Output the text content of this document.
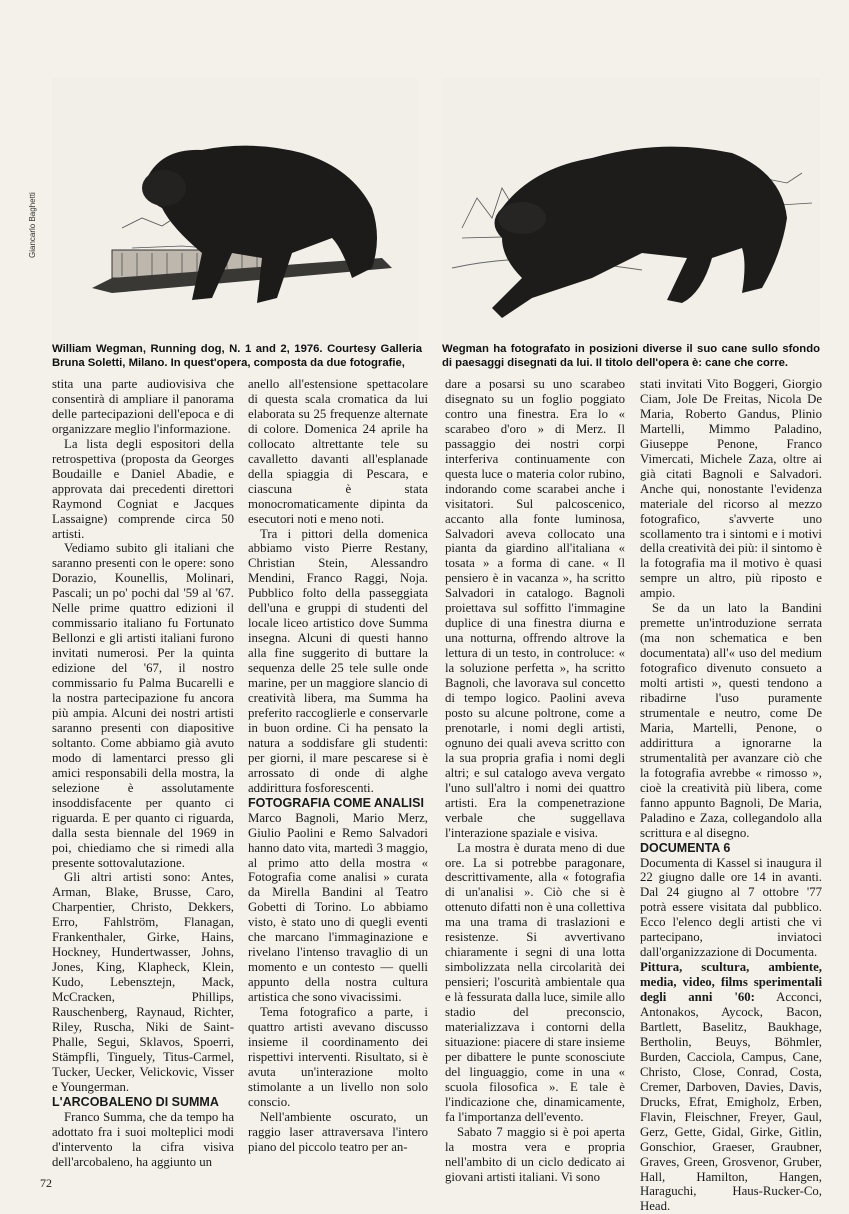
Giancarlo Baghetti
William Wegman, Running dog, N. 1 and 2, 1976. Courtesy Galleria Bruna Soletti, Milano. In quest'opera, composta da due fotografie,
Wegman ha fotografato in posizioni diverse il suo cane sullo sfondo di paesaggi disegnati da lui. Il titolo dell'opera è: cane che corre.

stita una parte audiovisiva che consentirà di ampliare il panorama delle partecipazioni dell'epoca e di organizzare meglio l'informazione.

La lista degli espositori della retrospettiva (proposta da Georges Boudaille e Daniel Abadie, e approvata dai precedenti direttori Raymond Cogniat e Jacques Lassaigne) comprende circa 50 artisti.

Vediamo subito gli italiani che saranno presenti con le opere: sono Dorazio, Kounellis, Molinari, Pascali; un po' pochi dal '59 al '67. Nelle prime quattro edizioni il commissario italiano fu Fortunato Bellonzi e gli artisti italiani furono invitati numerosi. Per la quinta edizione del '67, il nostro commissario fu Palma Bucarelli e la nostra partecipazione fu ancora più ampia. Alcuni dei nostri artisti saranno presenti con diapositive soltanto. Come abbiamo già avuto modo di lamentarci presso gli amici responsabili della mostra, la selezione è assolutamente insoddisfacente per quanto ci riguarda. E per quanto ci riguarda, dalla sesta biennale del 1969 in poi, chiediamo che si rimedi alla presente sottovalutazione.

Gli altri artisti sono: Antes, Arman, Blake, Brusse, Caro, Charpentier, Christo, Dekkers, Erro, Fahlström, Flanagan, Frankenthaler, Girke, Hains, Hockney, Hundertwasser, Johns, Jones, King, Klapheck, Klein, Kudo, Lebensztejn, Mack, McCracken, Phillips, Rauschenberg, Raynaud, Richter, Riley, Ruscha, Niki de Saint-Phalle, Segui, Sklavos, Spoerri, Stämpfli, Tinguely, Titus-Carmel, Tucker, Uecker, Velickovic, Visser e Youngerman.

L'ARCOBALENO DI SUMMA

Franco Summa, che da tempo ha adottato fra i suoi molteplici modi d'intervento la cifra visiva dell'arcobaleno, ha aggiunto un

anello all'estensione spettacolare di questa scala cromatica da lui elaborata su 25 frequenze alternate di colore. Domenica 24 aprile ha collocato altrettante tele su cavalletto davanti all'esplanade della spiaggia di Pescara, e ciascuna è stata monocromaticamente dipinta da esecutori noti e meno noti.

Tra i pittori della domenica abbiamo visto Pierre Restany, Christian Stein, Alessandro Mendini, Franco Raggi, Noja. Pubblico folto della passeggiata dell'una e gruppi di studenti del locale liceo artistico dove Summa insegna. Alcuni di questi hanno alla fine suggerito di buttare la sequenza delle 25 tele sulle onde marine, per un maggiore slancio di creatività libera, ma Summa ha preferito raccoglierle e conservarle in buon ordine. Ci ha pensato la natura a soddisfare gli studenti: per giorni, il mare pescarese si è arrossato di onde di alghe addirittura fosforescenti.

FOTOGRAFIA COME ANALISI

Marco Bagnoli, Mario Merz, Giulio Paolini e Remo Salvadori hanno dato vita, martedì 3 maggio, al primo atto della mostra « Fotografia come analisi » curata da Mirella Bandini al Teatro Gobetti di Torino. Lo abbiamo visto, è stato uno di quegli eventi che marcano l'immaginazione e rivelano l'intenso travaglio di un momento e un contesto — quelli appunto della nostra cultura artistica che sono vivacissimi.

Tema fotografico a parte, i quattro artisti avevano discusso insieme il coordinamento dei rispettivi interventi. Risultato, si è avuta un'interazione molto stimolante a un livello non solo conscio.

Nell'ambiente oscurato, un raggio laser attraversava l'intero piano del piccolo teatro per an-

dare a posarsi su uno scarabeo disegnato su un foglio poggiato contro una finestra. Era lo « scarabeo d'oro » di Merz. Il passaggio dei nostri corpi interferiva continuamente con questa luce o materia color rubino, indorando come scarabei anche i visitatori. Sul palcoscenico, accanto alla fonte luminosa, Salvadori aveva collocato una pianta da giardino all'italiana « tosata » a forma di cane. « Il pensiero è in vacanza », ha scritto Salvadori in catalogo. Bagnoli proiettava sul soffitto l'immagine duplice di una finestra diurna e una notturna, offrendo altrove la lettura di un testo, in controluce: « la soluzione perfetta », ha scritto Bagnoli, che lavorava sul concetto di tempo logico. Paolini aveva posto su alcune poltrone, come a prenotarle, i nomi degli artisti, ognuno dei quali aveva scritto con la sua propria grafia i nomi degli altri; e sul catalogo aveva vergato l'uno sull'altro i nomi dei quattro artisti. Era la compenetrazione verbale che suggellava l'interazione spaziale e visiva.

La mostra è durata meno di due ore. La si potrebbe paragonare, descrittivamente, alla « fotografia di un'analisi ». Ciò che si è ottenuto difatti non è una collettiva ma una trama di traslazioni e resistenze. Si avvertivano chiaramente i segni di una lotta simbolizzata nella circolarità dei pensieri; l'oscurità ambientale qua e là fessurata dalla luce, simile allo stadio del preconscio, materializzava i contorni della situazione: piacere di stare insieme per dibattere le punte sconosciute del linguaggio, come in una « scuola filosofica ». E tale è l'indicazione che, dinamicamente, fa l'importanza dell'evento.

Sabato 7 maggio si è poi aperta la mostra vera e propria nell'ambito di un ciclo dedicato ai giovani artisti italiani. Vi sono

stati invitati Vito Boggeri, Giorgio Ciam, Jole De Freitas, Nicola De Maria, Roberto Gandus, Plinio Martelli, Mimmo Paladino, Giuseppe Penone, Franco Vimercati, Michele Zaza, oltre ai già citati Bagnoli e Salvadori. Anche qui, nonostante l'evidenza materiale del ricorso al mezzo fotografico, s'avverte uno scollamento tra i sintomi e i motivi della creatività dei più: il sintomo è la fotografia ma il motivo è quasi sempre un altro, più riposto e ampio.

Se da un lato la Bandini premette un'introduzione serrata (ma non schematica e ben documentata) all'« uso del medium fotografico divenuto consueto a molti artisti », questi tendono a ribadirne l'uso puramente strumentale e neutro, come De Maria, Martelli, Penone, o addirittura a ignorarne la strumentalità per avanzare ciò che la fotografia avrebbe « rimosso », cioè la creatività più libera, come fanno appunto Bagnoli, De Maria, Paladino e Zaza, collegandolo alla scrittura e al disegno.

DOCUMENTA 6

Documenta di Kassel si inaugura il 22 giugno dalle ore 14 in avanti. Dal 24 giugno al 7 ottobre '77 potrà essere visitata dal pubblico. Ecco l'elenco degli artisti che vi partecipano, inviatoci dall'organizzazione di Documenta.

Pittura, scultura, ambiente, media, video, films sperimentali degli anni '60: Acconci, Antonakos, Aycock, Bacon, Bartlett, Baselitz, Baukhage, Bertholin, Beuys, Böhmler, Burden, Cacciola, Campus, Cane, Christo, Close, Conrad, Costa, Cremer, Darboven, Davies, Davis, Drucks, Efrat, Emigholz, Erben, Flavin, Fleischner, Freyer, Gaul, Gerz, Gette, Gidal, Girke, Gitlin, Gonschior, Graeser, Graubner, Graves, Green, Grosvenor, Gruber, Hall, Hamilton, Hangen, Haraguchi, Haus-Rucker-Co, Head.

72
